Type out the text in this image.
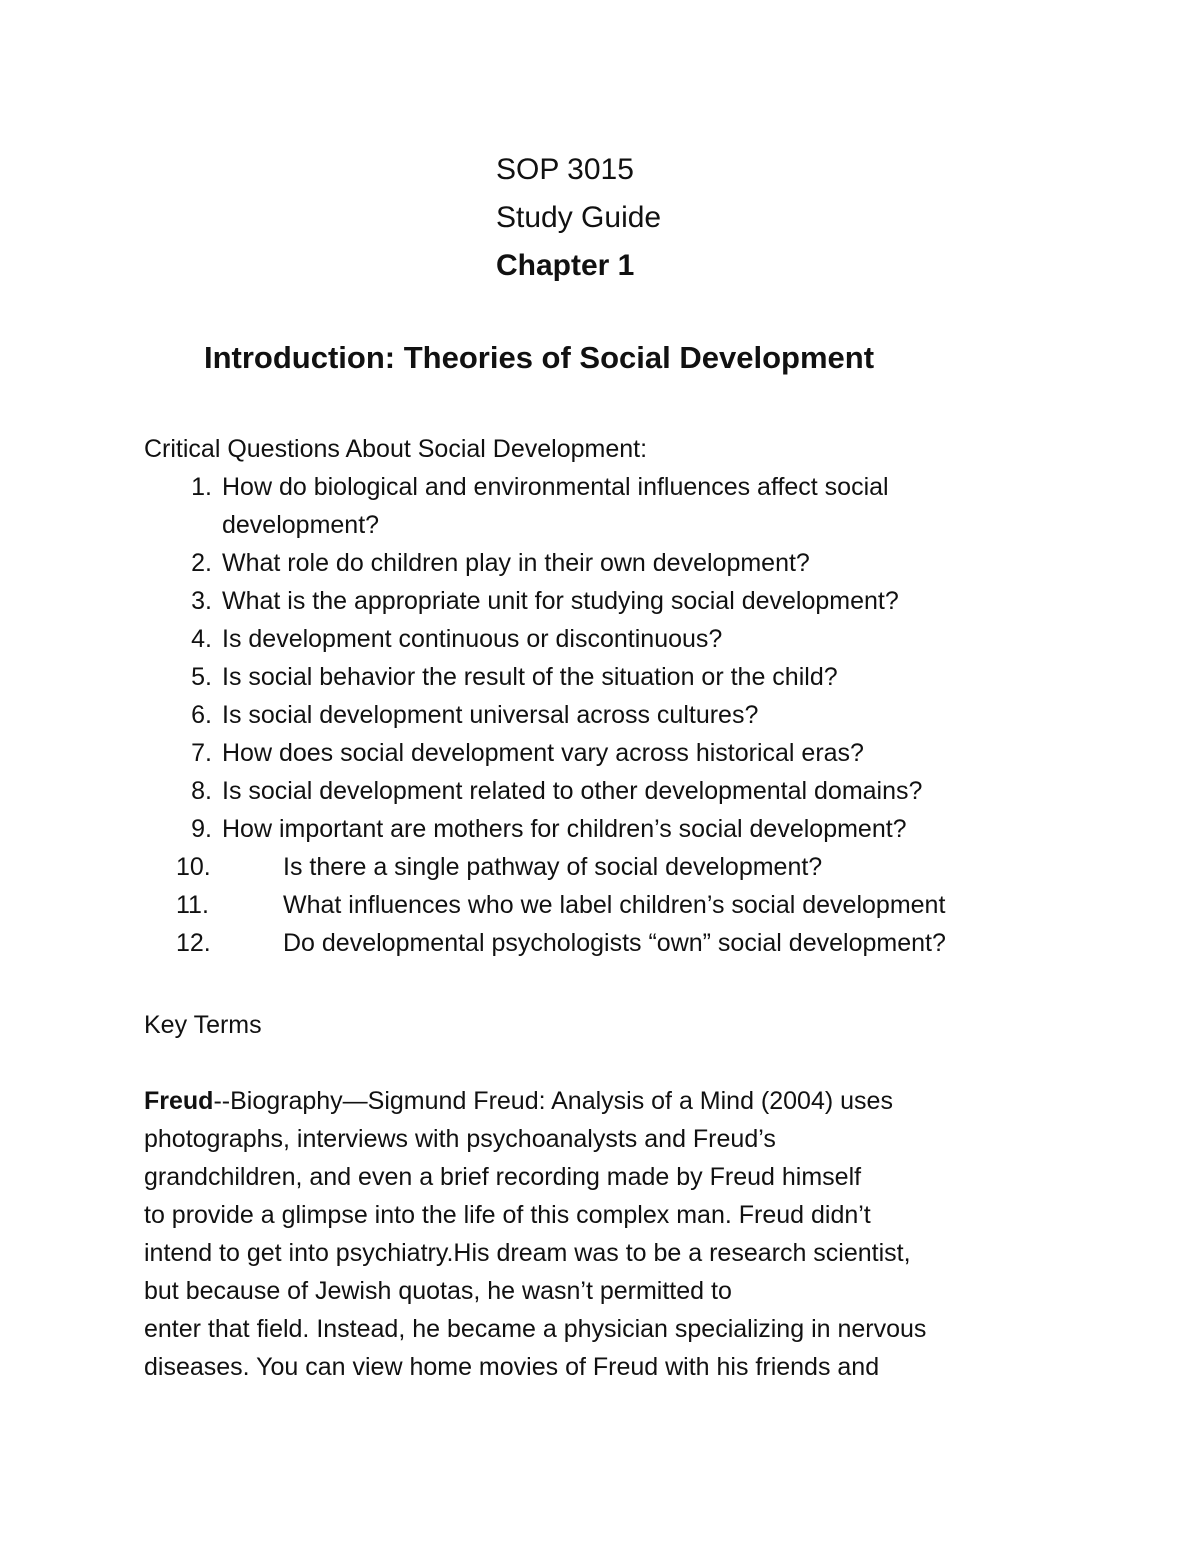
SOP 3015
Study Guide
Chapter 1
Introduction: Theories of Social Development
Critical Questions About Social Development:
1. How do biological and environmental influences affect social
development?
2. What role do children play in their own development?
3. What is the appropriate unit for studying social development?
4. Is development continuous or discontinuous?
5. Is social behavior the result of the situation or the child?
6. Is social development universal across cultures?
7. How does social development vary across historical eras?
8. Is social development related to other developmental domains?
9. How important are mothers for children’s social development?
10.	Is there a single pathway of social development?
11.	What influences who we label children’s social development
12.	Do developmental psychologists “own” social development?
Key Terms
Freud--Biography—Sigmund Freud: Analysis of a Mind (2004) uses
photographs, interviews with psychoanalysts and Freud’s
grandchildren, and even a brief recording made by Freud himself
to provide a glimpse into the life of this complex man. Freud didn’t
intend to get into psychiatry.His dream was to be a research scientist,
but because of Jewish quotas, he wasn’t permitted to
enter that field. Instead, he became a physician specializing in nervous
diseases. You can view home movies of Freud with his friends and
